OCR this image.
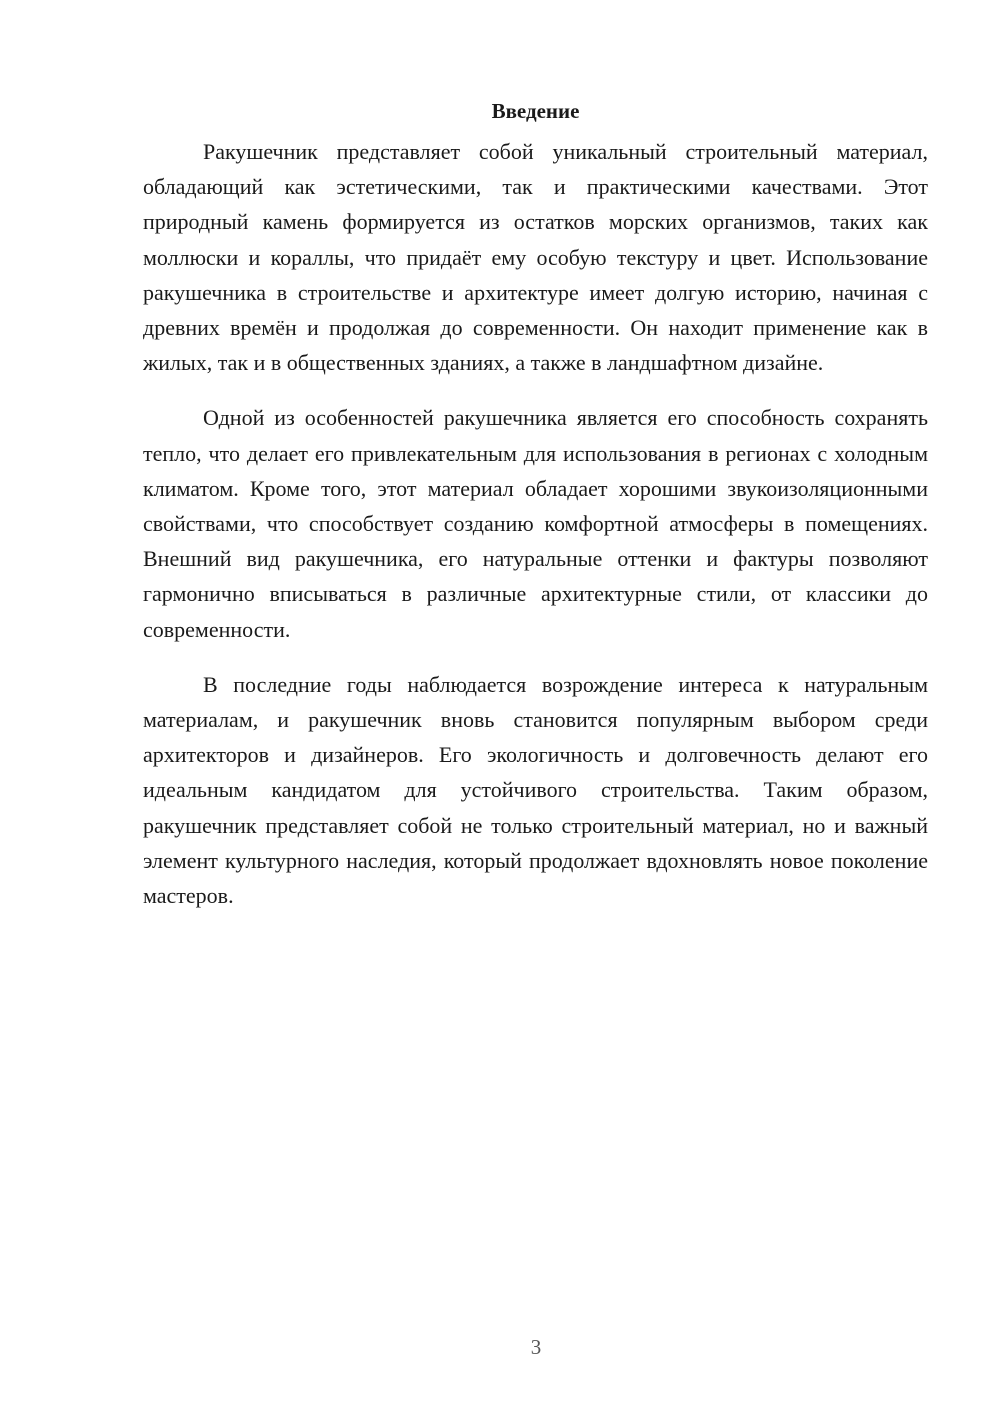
Введение

Ракушечник представляет собой уникальный строительный материал, обладающий как эстетическими, так и практическими качествами. Этот природный камень формируется из остатков морских организмов, таких как моллюски и кораллы, что придаёт ему особую текстуру и цвет. Использование ракушечника в строительстве и архитектуре имеет долгую историю, начиная с древних времён и продолжая до современности. Он находит применение как в жилых, так и в общественных зданиях, а также в ландшафтном дизайне.

Одной из особенностей ракушечника является его способность сохранять тепло, что делает его привлекательным для использования в регионах с холодным климатом. Кроме того, этот материал обладает хорошими звукоизоляционными свойствами, что способствует созданию комфортной атмосферы в помещениях. Внешний вид ракушечника, его натуральные оттенки и фактуры позволяют гармонично вписываться в различные архитектурные стили, от классики до современности.

В последние годы наблюдается возрождение интереса к натуральным материалам, и ракушечник вновь становится популярным выбором среди архитекторов и дизайнеров. Его экологичность и долговечность делают его идеальным кандидатом для устойчивого строительства. Таким образом, ракушечник представляет собой не только строительный материал, но и важный элемент культурного наследия, который продолжает вдохновлять новое поколение мастеров.

3
